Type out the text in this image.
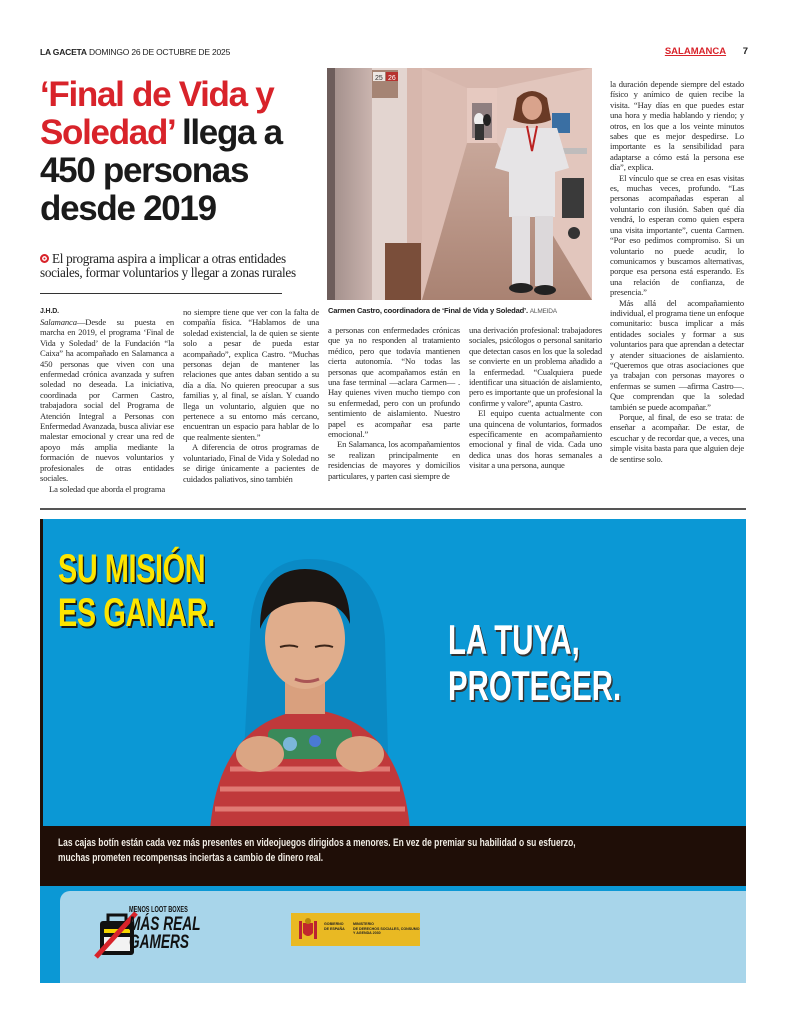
LA GACETA DOMINGO 26 DE OCTUBRE DE 2025	SALAMANCA 7
‘Final de Vida y Soledad’ llega a 450 personas desde 2019
El programa aspira a implicar a otras entidades sociales, formar voluntarios y llegar a zonas rurales
25 26
Carmen Castro, coordinadora de ‘Final de Vida y Soledad’. ALMEIDA
J.H.D.

Salamanca—Desde su puesta en marcha en 2019, el programa ‘Final de Vida y Soledad’ de la Fundación “la Caixa” ha acompañado en Salamanca a 450 personas que viven con una enfermedad crónica avanzada y sufren soledad no deseada. La iniciativa, coordinada por Carmen Castro, trabajadora social del Programa de Atención Integral a Personas con Enfermedad Avanzada, busca aliviar ese malestar emocional y crear una red de apoyo más amplia mediante la formación de nuevos voluntarios y profesionales de otras entidades sociales.

La soledad que aborda el programa

no siempre tiene que ver con la falta de compañía física. “Hablamos de una soledad existencial, la de quien se siente solo a pesar de pueda estar acompañado”, explica Castro. “Muchas personas dejan de mantener las relaciones que antes daban sentido a su día a día. No quieren preocupar a sus familias y, al final, se aíslan. Y cuando llega un voluntario, alguien que no pertenece a su entorno más cercano, encuentran un espacio para hablar de lo que realmente sienten.”

A diferencia de otros programas de voluntariado, Final de Vida y Soledad no se dirige únicamente a pacientes de cuidados paliativos, sino también

a personas con enfermedades crónicas que ya no responden al tratamiento médico, pero que todavía mantienen cierta autonomía. “No todas las personas que acompañamos están en una fase terminal —aclara Carmen— . Hay quienes viven mucho tiempo con su enfermedad, pero con un profundo sentimiento de aislamiento. Nuestro papel es acompañar esa parte emocional.”

En Salamanca, los acompañamientos se realizan principalmente en residencias de mayores y domicilios particulares, y parten casi siempre de

una derivación profesional: trabajadores sociales, psicólogos o personal sanitario que detectan casos en los que la soledad se convierte en un problema añadido a la enfermedad. “Cualquiera puede identificar una situación de aislamiento, pero es importante que un profesional la confirme y valore”, apunta Castro.

El equipo cuenta actualmente con una quincena de voluntarios, formados específicamente en acompañamiento emocional y final de vida. Cada uno dedica unas dos horas semanales a visitar a una persona, aunque

la duración depende siempre del estado físico y anímico de quien recibe la visita. “Hay días en que puedes estar una hora y media hablando y riendo; y otros, en los que a los veinte minutos sabes que es mejor despedirse. Lo importante es la sensibilidad para adaptarse a cómo está la persona ese día”, explica.

El vínculo que se crea en esas visitas es, muchas veces, profundo. “Las personas acompañadas esperan al voluntario con ilusión. Saben qué día vendrá, lo esperan como quien espera una visita importante”, cuenta Carmen. “Por eso pedimos compromiso. Si un voluntario no puede acudir, lo comunicamos y buscamos alternativas, porque esa persona está esperando. Es una relación de confianza, de presencia.”

Más allá del acompañamiento individual, el programa tiene un enfoque comunitario: busca implicar a más entidades sociales y formar a sus voluntarios para que aprendan a detectar y atender situaciones de aislamiento. “Queremos que otras asociaciones que ya trabajan con personas mayores o enfermas se sumen —afirma Castro—. Que comprendan que la soledad también se puede acompañar.”

Porque, al final, de eso se trata: de enseñar a acompañar. De estar, de escuchar y de recordar que, a veces, una simple visita basta para que alguien deje de sentirse solo.

SU MISIÓN
ES GANAR.
LA TUYA,
PROTEGER.
Las cajas botín están cada vez más presentes en videojuegos dirigidos a menores. En vez de premiar su habilidad o su esfuerzo,
muchas prometen recompensas inciertas a cambio de dinero real.
MENOS LOOT BOXES
MÁS REAL
GAMERS
GOBIERNO
DE ESPAÑA
MINISTERIO
DE DERECHOS SOCIALES, CONSUMO
Y AGENDA 2030
